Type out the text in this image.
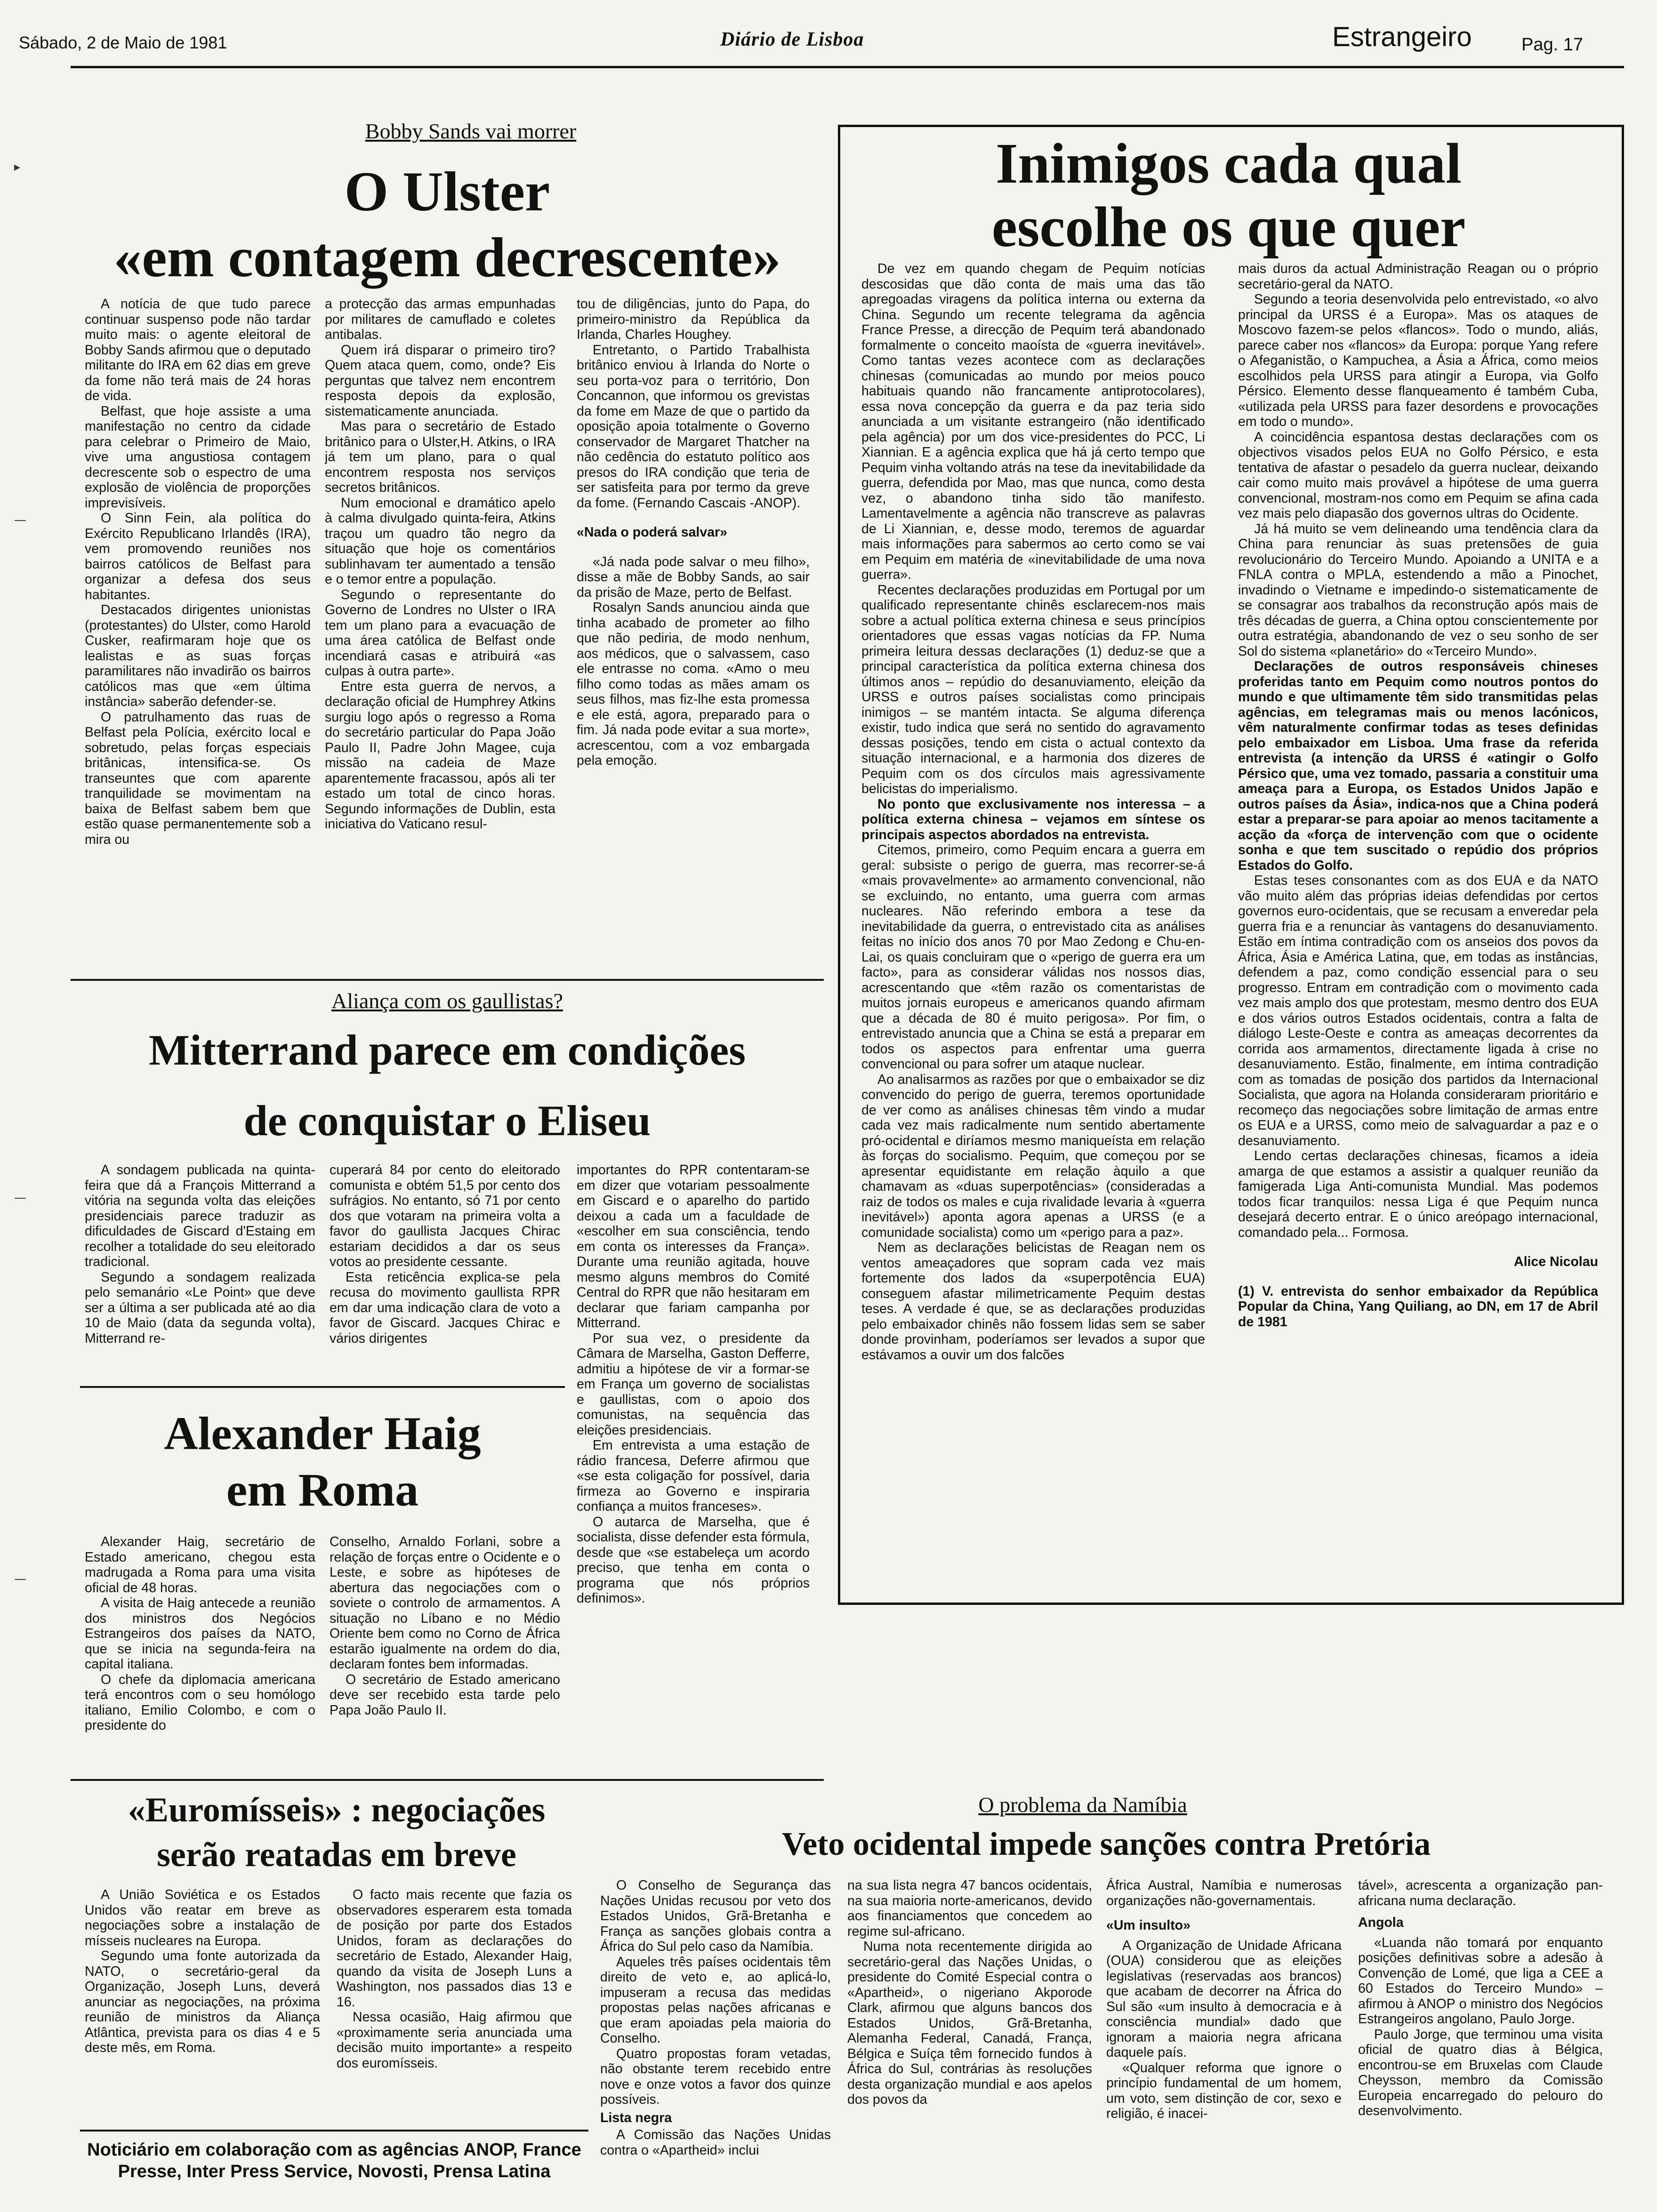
Sábado, 2 de Maio de 1981	Diário de Lisboa	Estrangeiro	Pag. 17
▸
—
—
—
Bobby Sands vai morrer
O Ulster
«em contagem decrescente»

A notícia de que tudo parece continuar suspenso pode não tardar muito mais: o agente eleitoral de Bobby Sands afirmou que o deputado militante do IRA em 62 dias em greve da fome não terá mais de 24 horas de vida.

Belfast, que hoje assiste a uma manifestação no centro da cidade para celebrar o Primeiro de Maio, vive uma angustiosa contagem decrescente sob o espectro de uma explosão de violência de proporções imprevisíveis.

O Sinn Fein, ala política do Exército Republicano Irlandês (IRA), vem promovendo reuniões nos bairros católicos de Belfast para organizar a defesa dos seus habitantes.

Destacados dirigentes unionistas (protestantes) do Ulster, como Harold Cusker, reafirmaram hoje que os lealistas e as suas forças paramilitares não invadirão os bairros católicos mas que «em última instância» saberão defender-se.

O patrulhamento das ruas de Belfast pela Polícia, exército local e sobretudo, pelas forças especiais britânicas, intensifica-se. Os transeuntes que com aparente tranquilidade se movimentam na baixa de Belfast sabem bem que estão quase permanentemente sob a mira ou

a protecção das armas empunhadas por militares de camuflado e coletes antibalas.

Quem irá disparar o primeiro tiro? Quem ataca quem, como, onde? Eis perguntas que talvez nem encontrem resposta depois da explosão, sistematicamente anunciada.

Mas para o secretário de Estado britânico para o Ulster,H. Atkins, o IRA já tem um plano, para o qual encontrem resposta nos serviços secretos britânicos.

Num emocional e dramático apelo à calma divulgado quinta-feira, Atkins traçou um quadro tão negro da situação que hoje os comentários sublinhavam ter aumentado a tensão e o temor entre a população.

Segundo o representante do Governo de Londres no Ulster o IRA tem um plano para a evacuação de uma área católica de Belfast onde incendiará casas e atribuirá «as culpas à outra parte».

Entre esta guerra de nervos, a declaração oficial de Humphrey Atkins surgiu logo após o regresso a Roma do secretário particular do Papa João Paulo II, Padre John Magee, cuja missão na cadeia de Maze aparentemente fracassou, após ali ter estado um total de cinco horas. Segundo informações de Dublin, esta iniciativa do Vaticano resul-

tou de diligências, junto do Papa, do primeiro-ministro da República da Irlanda, Charles Houghey.

Entretanto, o Partido Trabalhista britânico enviou à Irlanda do Norte o seu porta-voz para o território, Don Concannon, que informou os grevistas da fome em Maze de que o partido da oposição apoia totalmente o Governo conservador de Margaret Thatcher na não cedência do estatuto político aos presos do IRA condição que teria de ser satisfeita para por termo da greve da fome. (Fernando Cascais -ANOP).

«Nada o poderá salvar»

«Já nada pode salvar o meu filho», disse a mãe de Bobby Sands, ao sair da prisão de Maze, perto de Belfast.

Rosalyn Sands anunciou ainda que tinha acabado de prometer ao filho que não pediria, de modo nenhum, aos médicos, que o salvassem, caso ele entrasse no coma. «Amo o meu filho como todas as mães amam os seus filhos, mas fiz-lhe esta promessa e ele está, agora, preparado para o fim. Já nada pode evitar a sua morte», acrescentou, com a voz embargada pela emoção.

Inimigos cada qual
escolhe os que quer

De vez em quando chegam de Pequim notícias descosidas que dão conta de mais uma das tão apregoadas viragens da política interna ou externa da China. Segundo um recente telegrama da agência France Presse, a direcção de Pequim terá abandonado formalmente o conceito maoísta de «guerra inevitável». Como tantas vezes acontece com as declarações chinesas (comunicadas ao mundo por meios pouco habituais quando não francamente antiprotocolares), essa nova concepção da guerra e da paz teria sido anunciada a um visitante estrangeiro (não identificado pela agência) por um dos vice-presidentes do PCC, Li Xiannian. E a agência explica que há já certo tempo que Pequim vinha voltando atrás na tese da inevitabilidade da guerra, defendida por Mao, mas que nunca, como desta vez, o abandono tinha sido tão manifesto. Lamentavelmente a agência não transcreve as palavras de Li Xiannian, e, desse modo, teremos de aguardar mais informações para sabermos ao certo como se vai em Pequim em matéria de «inevitabilidade de uma nova guerra».

Recentes declarações produzidas em Portugal por um qualificado representante chinês esclarecem-nos mais sobre a actual política externa chinesa e seus princípios orientadores que essas vagas notícias da FP. Numa primeira leitura dessas declarações (1) deduz-se que a principal característica da política externa chinesa dos últimos anos – repúdio do desanuviamento, eleição da URSS e outros países socialistas como principais inimigos – se mantém intacta. Se alguma diferença existir, tudo indica que será no sentido do agravamento dessas posições, tendo em cista o actual contexto da situação internacional, e a harmonia dos dizeres de Pequim com os dos círculos mais agressivamente belicistas do imperialismo.

No ponto que exclusivamente nos interessa – a política externa chinesa – vejamos em síntese os principais aspectos abordados na entrevista.

Citemos, primeiro, como Pequim encara a guerra em geral: subsiste o perigo de guerra, mas recorrer-se-á «mais provavelmente» ao armamento convencional, não se excluindo, no entanto, uma guerra com armas nucleares. Não referindo embora a tese da inevitabilidade da guerra, o entrevistado cita as análises feitas no início dos anos 70 por Mao Zedong e Chu-en-Lai, os quais concluiram que o «perigo de guerra era um facto», para as considerar válidas nos nossos dias, acrescentando que «têm razão os comentaristas de muitos jornais europeus e americanos quando afirmam que a década de 80 é muito perigosa». Por fim, o entrevistado anuncia que a China se está a preparar em todos os aspectos para enfrentar uma guerra convencional ou para sofrer um ataque nuclear.

Ao analisarmos as razões por que o embaixador se diz convencido do perigo de guerra, teremos oportunidade de ver como as análises chinesas têm vindo a mudar cada vez mais radicalmente num sentido abertamente pró-ocidental e diríamos mesmo maniqueísta em relação às forças do socialismo. Pequim, que começou por se apresentar equidistante em relação àquilo a que chamavam as «duas superpotências» (consideradas a raiz de todos os males e cuja rivalidade levaria à «guerra inevitável») aponta agora apenas a URSS (e a comunidade socialista) como um «perigo para a paz».

Nem as declarações belicistas de Reagan nem os ventos ameaçadores que sopram cada vez mais fortemente dos lados da «superpotência EUA) conseguem afastar milimetricamente Pequim destas teses. A verdade é que, se as declarações produzidas pelo embaixador chinês não fossem lidas sem se saber donde provinham, poderíamos ser levados a supor que estávamos a ouvir um dos falcões

mais duros da actual Administração Reagan ou o próprio secretário-geral da NATO.

Segundo a teoria desenvolvida pelo entrevistado, «o alvo principal da URSS é a Europa». Mas os ataques de Moscovo fazem-se pelos «flancos». Todo o mundo, aliás, parece caber nos «flancos» da Europa: porque Yang refere o Afeganistão, o Kampuchea, a Ásia a África, como meios escolhidos pela URSS para atingir a Europa, via Golfo Pérsico. Elemento desse flanqueamento é também Cuba, «utilizada pela URSS para fazer desordens e provocações em todo o mundo».

A coincidência espantosa destas declarações com os objectivos visados pelos EUA no Golfo Pérsico, e esta tentativa de afastar o pesadelo da guerra nuclear, deixando cair como muito mais provável a hipótese de uma guerra convencional, mostram-nos como em Pequim se afina cada vez mais pelo diapasão dos governos ultras do Ocidente.

Já há muito se vem delineando uma tendência clara da China para renunciar às suas pretensões de guia revolucionário do Terceiro Mundo. Apoiando a UNITA e a FNLA contra o MPLA, estendendo a mão a Pinochet, invadindo o Vietname e impedindo-o sistematicamente de se consagrar aos trabalhos da reconstrução após mais de três décadas de guerra, a China optou conscientemente por outra estratégia, abandonando de vez o seu sonho de ser Sol do sistema «planetário» do «Terceiro Mundo».

Declarações de outros responsáveis chineses proferidas tanto em Pequim como noutros pontos do mundo e que ultimamente têm sido transmitidas pelas agências, em telegramas mais ou menos lacónicos, vêm naturalmente confirmar todas as teses definidas pelo embaixador em Lisboa. Uma frase da referida entrevista (a intenção da URSS é «atingir o Golfo Pérsico que, uma vez tomado, passaria a constituir uma ameaça para a Europa, os Estados Unidos Japão e outros países da Ásia», indica-nos que a China poderá estar a preparar-se para apoiar ao menos tacitamente a acção da «força de intervenção com que o ocidente sonha e que tem suscitado o repúdio dos próprios Estados do Golfo.

Estas teses consonantes com as dos EUA e da NATO vão muito além das próprias ideias defendidas por certos governos euro-ocidentais, que se recusam a enveredar pela guerra fria e a renunciar às vantagens do desanuviamento. Estão em íntima contradição com os anseios dos povos da África, Ásia e América Latina, que, em todas as instâncias, defendem a paz, como condição essencial para o seu progresso. Entram em contradição com o movimento cada vez mais amplo dos que protestam, mesmo dentro dos EUA e dos vários outros Estados ocidentais, contra a falta de diálogo Leste-Oeste e contra as ameaças decorrentes da corrida aos armamentos, directamente ligada à crise no desanuviamento. Estão, finalmente, em íntima contradição com as tomadas de posição dos partidos da Internacional Socialista, que agora na Holanda consideraram prioritário e recomeço das negociações sobre limitação de armas entre os EUA e a URSS, como meio de salvaguardar a paz e o desanuviamento.

Lendo certas declarações chinesas, ficamos a ideia amarga de que estamos a assistir a qualquer reunião da famigerada Liga Anti-comunista Mundial. Mas podemos todos ficar tranquilos: nessa Liga é que Pequim nunca desejará decerto entrar. E o único areópago internacional, comandado pela... Formosa.

Alice Nicolau

(1) V. entrevista do senhor embaixador da República Popular da China, Yang Quiliang, ao DN, em 17 de Abril de 1981

Aliança com os gaullistas?
Mitterrand parece em condições
de conquistar o Eliseu

A sondagem publicada na quinta-feira que dá a François Mitterrand a vitória na segunda volta das eleições presidenciais parece traduzir as dificuldades de Giscard d'Estaing em recolher a totalidade do seu eleitorado tradicional.

Segundo a sondagem realizada pelo semanário «Le Point» que deve ser a última a ser publicada até ao dia 10 de Maio (data da segunda volta), Mitterrand re-

cuperará 84 por cento do eleitorado comunista e obtém 51,5 por cento dos sufrágios. No entanto, só 71 por cento dos que votaram na primeira volta a favor do gaullista Jacques Chirac estariam decididos a dar os seus votos ao presidente cessante.

Esta reticência explica-se pela recusa do movimento gaullista RPR em dar uma indicação clara de voto a favor de Giscard. Jacques Chirac e vários dirigentes

importantes do RPR contentaram-se em dizer que votariam pessoalmente em Giscard e o aparelho do partido deixou a cada um a faculdade de «escolher em sua consciência, tendo em conta os interesses da França». Durante uma reunião agitada, houve mesmo alguns membros do Comité Central do RPR que não hesitaram em declarar que fariam campanha por Mitterrand.

Por sua vez, o presidente da Câmara de Marselha, Gaston Defferre, admitiu a hipótese de vir a formar-se em França um governo de socialistas e gaullistas, com o apoio dos comunistas, na sequência das eleições presidenciais.

Em entrevista a uma estação de rádio francesa, Deferre afirmou que «se esta coligação for possível, daria firmeza ao Governo e inspiraria confiança a muitos franceses».

O autarca de Marselha, que é socialista, disse defender esta fórmula, desde que «se estabeleça um acordo preciso, que tenha em conta o programa que nós próprios definimos».

Alexander Haig
em Roma

Alexander Haig, secretário de Estado americano, chegou esta madrugada a Roma para uma visita oficial de 48 horas.

A visita de Haig antecede a reunião dos ministros dos Negócios Estrangeiros dos países da NATO, que se inicia na segunda-feira na capital italiana.

O chefe da diplomacia americana terá encontros com o seu homólogo italiano, Emilio Colombo, e com o presidente do

Conselho, Arnaldo Forlani, sobre a relação de forças entre o Ocidente e o Leste, e sobre as hipóteses de abertura das negociações com o soviete o controlo de armamentos. A situação no Líbano e no Médio Oriente bem como no Corno de África estarão igualmente na ordem do dia, declaram fontes bem informadas.

O secretário de Estado americano deve ser recebido esta tarde pelo Papa João Paulo II.

«Euromísseis» : negociações
serão reatadas em breve

A União Soviética e os Estados Unidos vão reatar em breve as negociações sobre a instalação de mísseis nucleares na Europa.

Segundo uma fonte autorizada da NATO, o secretário-geral da Organização, Joseph Luns, deverá anunciar as negociações, na próxima reunião de ministros da Aliança Atlântica, prevista para os dias 4 e 5 deste mês, em Roma.

O facto mais recente que fazia os observadores esperarem esta tomada de posição por parte dos Estados Unidos, foram as declarações do secretário de Estado, Alexander Haig, quando da visita de Joseph Luns a Washington, nos passados dias 13 e 16.

Nessa ocasião, Haig afirmou que «proximamente seria anunciada uma decisão muito importante» a respeito dos euromísseis.

Noticiário em colaboração com as agências ANOP, France Presse, Inter Press Service, Novosti, Prensa Latina
O problema da Namíbia
Veto ocidental impede sanções contra Pretória

O Conselho de Segurança das Nações Unidas recusou por veto dos Estados Unidos, Grã-Bretanha e França as sanções globais contra a África do Sul pelo caso da Namíbia.

Aqueles três países ocidentais têm direito de veto e, ao aplicá-lo, impuseram a recusa das medidas propostas pelas nações africanas e que eram apoiadas pela maioria do Conselho.

Quatro propostas foram vetadas, não obstante terem recebido entre nove e onze votos a favor dos quinze possíveis.

Lista negra

A Comissão das Nações Unidas contra o «Apartheid» inclui

na sua lista negra 47 bancos ocidentais, na sua maioria norte-americanos, devido aos financiamentos que concedem ao regime sul-africano.

Numa nota recentemente dirigida ao secretário-geral das Nações Unidas, o presidente do Comité Especial contra o «Apartheid», o nigeriano Akporode Clark, afirmou que alguns bancos dos Estados Unidos, Grã-Bretanha, Alemanha Federal, Canadá, França, Bélgica e Suíça têm fornecido fundos à África do Sul, contrárias às resoluções desta organização mundial e aos apelos dos povos da

África Austral, Namíbia e numerosas organizações não-governamentais.

«Um insulto»

A Organização de Unidade Africana (OUA) considerou que as eleições legislativas (reservadas aos brancos) que acabam de decorrer na África do Sul são «um insulto à democracia e à consciência mundial» dado que ignoram a maioria negra africana daquele país.

«Qualquer reforma que ignore o princípio fundamental de um homem, um voto, sem distinção de cor, sexo e religião, é inacei-

tável», acrescenta a organização pan-africana numa declaração.

Angola

«Luanda não tomará por enquanto posições definitivas sobre a adesão à Convenção de Lomé, que liga a CEE a 60 Estados do Terceiro Mundo» – afirmou à ANOP o ministro dos Negócios Estrangeiros angolano, Paulo Jorge.

Paulo Jorge, que terminou uma visita oficial de quatro dias à Bélgica, encontrou-se em Bruxelas com Claude Cheysson, membro da Comissão Europeia encarregado do pelouro do desenvolvimento.
